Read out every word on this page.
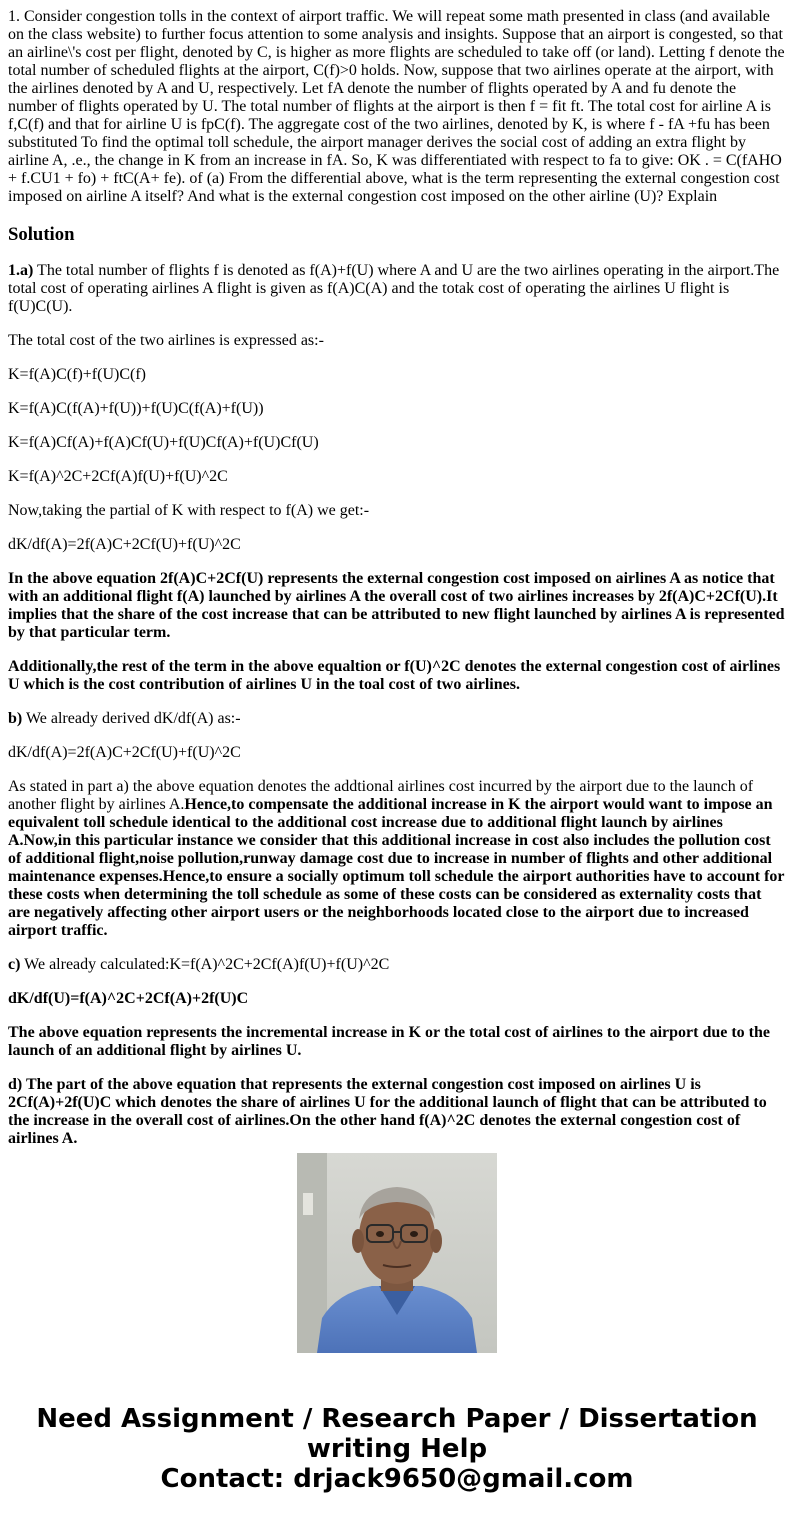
1. Consider congestion tolls in the context of airport traffic. We will repeat some math presented in class (and available on the class website) to further focus attention to some analysis and insights. Suppose that an airport is congested, so that an airline\'s cost per flight, denoted by C, is higher as more flights are scheduled to take off (or land). Letting f denote the total number of scheduled flights at the airport, C(f)>0 holds. Now, suppose that two airlines operate at the airport, with the airlines denoted by A and U, respectively. Let fA denote the number of flights operated by A and fu denote the number of flights operated by U. The total number of flights at the airport is then f = fit ft. The total cost for airline A is f,C(f) and that for airline U is fpC(f). The aggregate cost of the two airlines, denoted by K, is where f - fA +fu has been substituted To find the optimal toll schedule, the airport manager derives the social cost of adding an extra flight by airline A, .e., the change in K from an increase in fA. So, K was differentiated with respect to fa to give: OK . = C(fAHO + f.CU1 + fo) + ftC(A+ fe). of (a) From the differential above, what is the term representing the external congestion cost imposed on airline A itself? And what is the external congestion cost imposed on the other airline (U)? Explain
Solution

1.a) The total number of flights f is denoted as f(A)+f(U) where A and U are the two airlines operating in the airport.The total cost of operating airlines A flight is given as f(A)C(A) and the totak cost of operating the airlines U flight is f(U)C(U).

The total cost of the two airlines is expressed as:-

K=f(A)C(f)+f(U)C(f)

K=f(A)C(f(A)+f(U))+f(U)C(f(A)+f(U))

K=f(A)Cf(A)+f(A)Cf(U)+f(U)Cf(A)+f(U)Cf(U)

K=f(A)^2C+2Cf(A)f(U)+f(U)^2C

Now,taking the partial of K with respect to f(A) we get:-

dK/df(A)=2f(A)C+2Cf(U)+f(U)^2C

In the above equation 2f(A)C+2Cf(U) represents the external congestion cost imposed on airlines A as notice that with an additional flight f(A) launched by airlines A the overall cost of two airlines increases by 2f(A)C+2Cf(U).It implies that the share of the cost increase that can be attributed to new flight launched by airlines A is represented by that particular term.

Additionally,the rest of the term in the above equaltion or f(U)^2C denotes the external congestion cost of airlines U which is the cost contribution of airlines U in the toal cost of two airlines.

b) We already derived dK/df(A) as:-

dK/df(A)=2f(A)C+2Cf(U)+f(U)^2C

As stated in part a) the above equation denotes the addtional airlines cost incurred by the airport due to the launch of another flight by airlines A.Hence,to compensate the additional increase in K the airport would want to impose an equivalent toll schedule identical to the additional cost increase due to additional flight launch by airlines A.Now,in this particular instance we consider that this additional increase in cost also includes the pollution cost of additional flight,noise pollution,runway damage cost due to increase in number of flights and other additional maintenance expenses.Hence,to ensure a socially optimum toll schedule the airport authorities have to account for these costs when determining the toll schedule as some of these costs can be considered as externality costs that are negatively affecting other airport users or the neighborhoods located close to the airport due to increased airport traffic.

c) We already calculated:K=f(A)^2C+2Cf(A)f(U)+f(U)^2C

dK/df(U)=f(A)^2C+2Cf(A)+2f(U)C

The above equation represents the incremental increase in K or the total cost of airlines to the airport due to the launch of an additional flight by airlines U.

d) The part of the above equation that represents the external congestion cost imposed on airlines U is 2Cf(A)+2f(U)C which denotes the share of airlines U for the additional launch of flight that can be attributed to the increase in the overall cost of airlines.On the other hand f(A)^2C denotes the external congestion cost of airlines A.

Need Assignment / Research Paper / Dissertation
writing Help
Contact: drjack9650@gmail.com
